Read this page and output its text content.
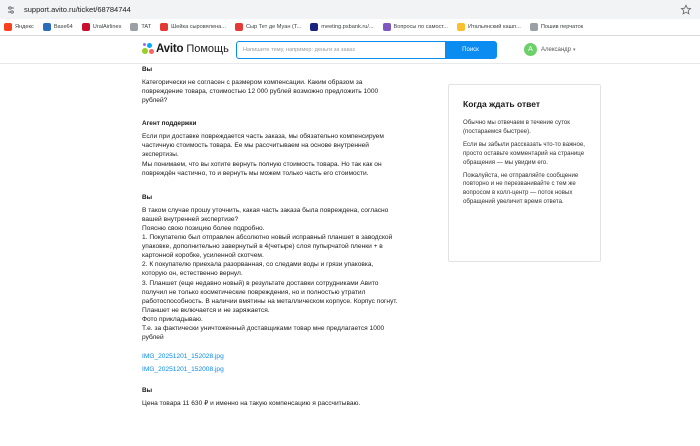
support.avito.ru/ticket/68784744
Яндекс	Base64	UralAirlines	TAT	Шейка сыровялена...	Сыр Тет де Муан (T...	meeting.psbank.ru/...	Вопросы по самост...	Итальянский кашп...	Пошив перчаток
Avito Помощь
Напишите тему, например: деньги за заказ	Поиск	А	Александр ▾
Вы

Категорически не согласен с размером компенсации. Каким образом за

повреждение товара, стоимостью 12 000 рублей возможно предложить 1000

рублей?

Агент поддержки

Если при доставке повреждается часть заказа, мы обязательно компенсируем

частичную стоимость товара. Ее мы рассчитываем на основе внутренней

экспертизы.

Мы понимаем, что вы хотите вернуть полную стоимость товара. Но так как он

повреждён частично, то и вернуть мы можем только часть его стоимости.

Вы

В таком случае прошу уточнить, какая часть заказа была повреждена, согласно

вашей внутренней экспертизе?

Поясню свою позицию более подробно.

1. Покупателю был отправлен абсолютно новый исправный планшет в заводской

упаковке, дополнительно завернутый в 4(четыре) слоя пупырчатой пленки + в

картонной коробке, усиленной скотчем.

2. К покупателю приехала разорванная, со следами воды и грязи упаковка,

которую он, естественно вернул.

3. Планшет (еще недавно новый) в результате доставки сотрудниками Авито

получил не только косметические повреждения, но и полностью утратил

работоспособность. В наличии вмятины на металлическом корпусе. Корпус погнут.

Планшет не включается и не заряжается.

Фото прикладываю.

Т.е. за фактически уничтоженный доставщиками товар мне предлагается 1000

рублей

IMG_20251201_152028.jpg
IMG_20251201_152008.jpg
Вы

Цена товара 11 630 ₽ и именно на такую компенсацию я рассчитываю.

Когда ждать ответ

Обычно мы отвечаем в течение суток (постараемся быстрее).

Если вы забыли рассказать что-то важное, просто оставьте комментарий на странице обращения — мы увидим его.

Пожалуйста, не отправляйте сообщение повторно и не перезванивайте с тем же вопросом в колл-центр — поток новых обращений увеличит время ответа.
